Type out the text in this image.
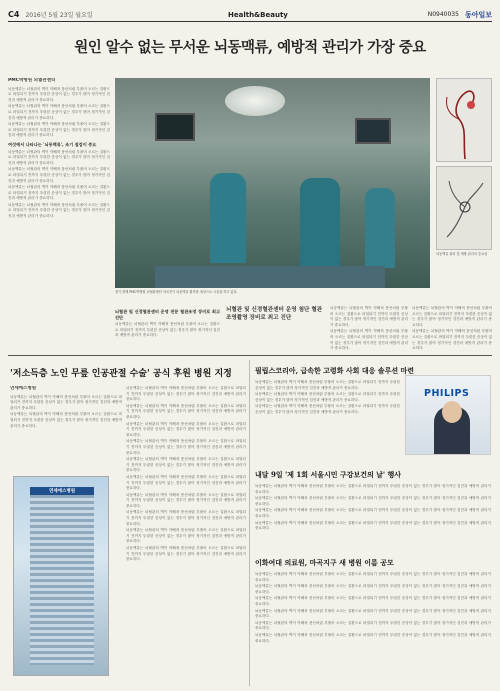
C4 2016년 5월 23일 월요일	Health&Beauty	N0940035 동아일보
원인 알수 없는 무서운 뇌동맥류, 예방적 관리가 가장 중요
PMC박병원 뇌혈관센터

뇌동맥류는 뇌혈관의 벽이 약해져 풍선처럼 부풀어 오르는 질환으로 파열되기 전까지 뚜렷한 증상이 없는 경우가 많아 정기적인 검진과 예방적 관리가 중요하다.

뇌동맥류는 뇌혈관의 벽이 약해져 풍선처럼 부풀어 오르는 질환으로 파열되기 전까지 뚜렷한 증상이 없는 경우가 많아 정기적인 검진과 예방적 관리가 중요하다.

뇌동맥류는 뇌혈관의 벽이 약해져 풍선처럼 부풀어 오르는 질환으로 파열되기 전까지 뚜렷한 증상이 없는 경우가 많아 정기적인 검진과 예방적 관리가 중요하다.

여섯에서 나타나는 '뇌동맥류', 조기 점검이 중요

뇌동맥류는 뇌혈관의 벽이 약해져 풍선처럼 부풀어 오르는 질환으로 파열되기 전까지 뚜렷한 증상이 없는 경우가 많아 정기적인 검진과 예방적 관리가 중요하다.

뇌동맥류는 뇌혈관의 벽이 약해져 풍선처럼 부풀어 오르는 질환으로 파열되기 전까지 뚜렷한 증상이 없는 경우가 많아 정기적인 검진과 예방적 관리가 중요하다.

뇌동맥류는 뇌혈관의 벽이 약해져 풍선처럼 부풀어 오르는 질환으로 파열되기 전까지 뚜렷한 증상이 없는 경우가 많아 정기적인 검진과 예방적 관리가 중요하다.

뇌동맥류는 뇌혈관의 벽이 약해져 풍선처럼 부풀어 오르는 질환으로 파열되기 전까지 뚜렷한 증상이 없는 경우가 많아 정기적인 검진과 예방적 관리가 중요하다.

경기 평택 PMC박병원 뇌혈관센터 의료진이 뇌동맥류 환자를 대상으로 시술을 하고 있다.
뇌동맥류 위치 및 예방 관리의 중요성
뇌혈관 및 신경혈관센터 운영 전문 혈관조영 장비로 최고 진단

뇌동맥류는 뇌혈관의 벽이 약해져 풍선처럼 부풀어 오르는 질환으로 파열되기 전까지 뚜렷한 증상이 없는 경우가 많아 정기적인 검진과 예방적 관리가 중요하다.

뇌혈관 및 신경혈관센터 운영 첨단 혈관조영촬영 장비로 최고 진단

뇌동맥류는 뇌혈관의 벽이 약해져 풍선처럼 부풀어 오르는 질환으로 파열되기 전까지 뚜렷한 증상이 없는 경우가 많아 정기적인 검진과 예방적 관리가 중요하다.

뇌동맥류는 뇌혈관의 벽이 약해져 풍선처럼 부풀어 오르는 질환으로 파열되기 전까지 뚜렷한 증상이 없는 경우가 많아 정기적인 검진과 예방적 관리가 중요하다.

뇌동맥류는 뇌혈관의 벽이 약해져 풍선처럼 부풀어 오르는 질환으로 파열되기 전까지 뚜렷한 증상이 없는 경우가 많아 정기적인 검진과 예방적 관리가 중요하다.

뇌동맥류는 뇌혈관의 벽이 약해져 풍선처럼 부풀어 오르는 질환으로 파열되기 전까지 뚜렷한 증상이 없는 경우가 많아 정기적인 검진과 예방적 관리가 중요하다.

'저소득층 노인 무릎 인공관절 수술' 공식 후원 병원 지정
연세에스병원

뇌동맥류는 뇌혈관의 벽이 약해져 풍선처럼 부풀어 오르는 질환으로 파열되기 전까지 뚜렷한 증상이 없는 경우가 많아 정기적인 검진과 예방적 관리가 중요하다.

뇌동맥류는 뇌혈관의 벽이 약해져 풍선처럼 부풀어 오르는 질환으로 파열되기 전까지 뚜렷한 증상이 없는 경우가 많아 정기적인 검진과 예방적 관리가 중요하다.

연세에스병원

뇌동맥류는 뇌혈관의 벽이 약해져 풍선처럼 부풀어 오르는 질환으로 파열되기 전까지 뚜렷한 증상이 없는 경우가 많아 정기적인 검진과 예방적 관리가 중요하다.

뇌동맥류는 뇌혈관의 벽이 약해져 풍선처럼 부풀어 오르는 질환으로 파열되기 전까지 뚜렷한 증상이 없는 경우가 많아 정기적인 검진과 예방적 관리가 중요하다.

뇌동맥류는 뇌혈관의 벽이 약해져 풍선처럼 부풀어 오르는 질환으로 파열되기 전까지 뚜렷한 증상이 없는 경우가 많아 정기적인 검진과 예방적 관리가 중요하다.

뇌동맥류는 뇌혈관의 벽이 약해져 풍선처럼 부풀어 오르는 질환으로 파열되기 전까지 뚜렷한 증상이 없는 경우가 많아 정기적인 검진과 예방적 관리가 중요하다.

뇌동맥류는 뇌혈관의 벽이 약해져 풍선처럼 부풀어 오르는 질환으로 파열되기 전까지 뚜렷한 증상이 없는 경우가 많아 정기적인 검진과 예방적 관리가 중요하다.

뇌동맥류는 뇌혈관의 벽이 약해져 풍선처럼 부풀어 오르는 질환으로 파열되기 전까지 뚜렷한 증상이 없는 경우가 많아 정기적인 검진과 예방적 관리가 중요하다.

뇌동맥류는 뇌혈관의 벽이 약해져 풍선처럼 부풀어 오르는 질환으로 파열되기 전까지 뚜렷한 증상이 없는 경우가 많아 정기적인 검진과 예방적 관리가 중요하다.

뇌동맥류는 뇌혈관의 벽이 약해져 풍선처럼 부풀어 오르는 질환으로 파열되기 전까지 뚜렷한 증상이 없는 경우가 많아 정기적인 검진과 예방적 관리가 중요하다.

뇌동맥류는 뇌혈관의 벽이 약해져 풍선처럼 부풀어 오르는 질환으로 파열되기 전까지 뚜렷한 증상이 없는 경우가 많아 정기적인 검진과 예방적 관리가 중요하다.

뇌동맥류는 뇌혈관의 벽이 약해져 풍선처럼 부풀어 오르는 질환으로 파열되기 전까지 뚜렷한 증상이 없는 경우가 많아 정기적인 검진과 예방적 관리가 중요하다.

필립스코리아, 급속한 고령화 사회 대응 솔루션 마련

뇌동맥류는 뇌혈관의 벽이 약해져 풍선처럼 부풀어 오르는 질환으로 파열되기 전까지 뚜렷한 증상이 없는 경우가 많아 정기적인 검진과 예방적 관리가 중요하다.

뇌동맥류는 뇌혈관의 벽이 약해져 풍선처럼 부풀어 오르는 질환으로 파열되기 전까지 뚜렷한 증상이 없는 경우가 많아 정기적인 검진과 예방적 관리가 중요하다.

뇌동맥류는 뇌혈관의 벽이 약해져 풍선처럼 부풀어 오르는 질환으로 파열되기 전까지 뚜렷한 증상이 없는 경우가 많아 정기적인 검진과 예방적 관리가 중요하다.

PHILIPS
내달 9일 '제 1회 서울시민 구강보건의 날' 행사

뇌동맥류는 뇌혈관의 벽이 약해져 풍선처럼 부풀어 오르는 질환으로 파열되기 전까지 뚜렷한 증상이 없는 경우가 많아 정기적인 검진과 예방적 관리가 중요하다.

뇌동맥류는 뇌혈관의 벽이 약해져 풍선처럼 부풀어 오르는 질환으로 파열되기 전까지 뚜렷한 증상이 없는 경우가 많아 정기적인 검진과 예방적 관리가 중요하다.

뇌동맥류는 뇌혈관의 벽이 약해져 풍선처럼 부풀어 오르는 질환으로 파열되기 전까지 뚜렷한 증상이 없는 경우가 많아 정기적인 검진과 예방적 관리가 중요하다.

뇌동맥류는 뇌혈관의 벽이 약해져 풍선처럼 부풀어 오르는 질환으로 파열되기 전까지 뚜렷한 증상이 없는 경우가 많아 정기적인 검진과 예방적 관리가 중요하다.

이화여대 의료원, 마곡지구 새 병원 이름 공모

뇌동맥류는 뇌혈관의 벽이 약해져 풍선처럼 부풀어 오르는 질환으로 파열되기 전까지 뚜렷한 증상이 없는 경우가 많아 정기적인 검진과 예방적 관리가 중요하다.

뇌동맥류는 뇌혈관의 벽이 약해져 풍선처럼 부풀어 오르는 질환으로 파열되기 전까지 뚜렷한 증상이 없는 경우가 많아 정기적인 검진과 예방적 관리가 중요하다.

뇌동맥류는 뇌혈관의 벽이 약해져 풍선처럼 부풀어 오르는 질환으로 파열되기 전까지 뚜렷한 증상이 없는 경우가 많아 정기적인 검진과 예방적 관리가 중요하다.

뇌동맥류는 뇌혈관의 벽이 약해져 풍선처럼 부풀어 오르는 질환으로 파열되기 전까지 뚜렷한 증상이 없는 경우가 많아 정기적인 검진과 예방적 관리가 중요하다.

뇌동맥류는 뇌혈관의 벽이 약해져 풍선처럼 부풀어 오르는 질환으로 파열되기 전까지 뚜렷한 증상이 없는 경우가 많아 정기적인 검진과 예방적 관리가 중요하다.

뇌동맥류는 뇌혈관의 벽이 약해져 풍선처럼 부풀어 오르는 질환으로 파열되기 전까지 뚜렷한 증상이 없는 경우가 많아 정기적인 검진과 예방적 관리가 중요하다.
